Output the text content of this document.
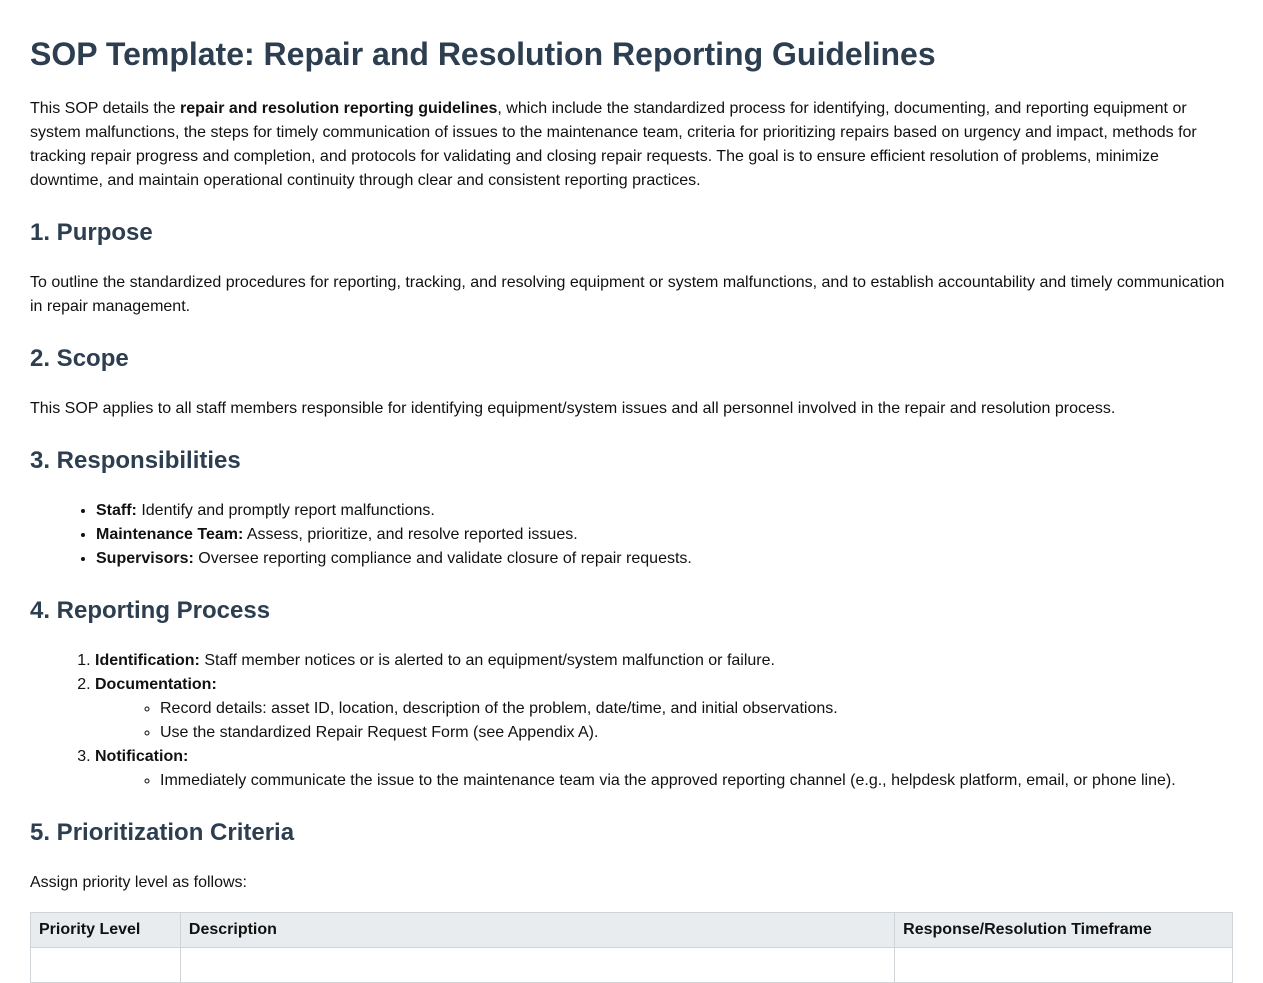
SOP Template: Repair and Resolution Reporting Guidelines

This SOP details the repair and resolution reporting guidelines, which include the standardized process for identifying, documenting, and reporting equipment or system malfunctions, the steps for timely communication of issues to the maintenance team, criteria for prioritizing repairs based on urgency and impact, methods for tracking repair progress and completion, and protocols for validating and closing repair requests. The goal is to ensure efficient resolution of problems, minimize downtime, and maintain operational continuity through clear and consistent reporting practices.

1. Purpose

To outline the standardized procedures for reporting, tracking, and resolving equipment or system malfunctions, and to establish accountability and timely communication in repair management.

2. Scope

This SOP applies to all staff members responsible for identifying equipment/system issues and all personnel involved in the repair and resolution process.

3. Responsibilities
• Staff: Identify and promptly report malfunctions.
• Maintenance Team: Assess, prioritize, and resolve reported issues.
• Supervisors: Oversee reporting compliance and validate closure of repair requests.
4. Reporting Process
1. Identification: Staff member notices or is alerted to an equipment/system malfunction or failure.
2. Documentation:
◦ Record details: asset ID, location, description of the problem, date/time, and initial observations.
◦ Use the standardized Repair Request Form (see Appendix A).
3. Notification:
◦ Immediately communicate the issue to the maintenance team via the approved reporting channel (e.g., helpdesk platform, email, or phone line).
5. Prioritization Criteria

Assign priority level as follows:

Priority Level	Description	Response/Resolution Timeframe
